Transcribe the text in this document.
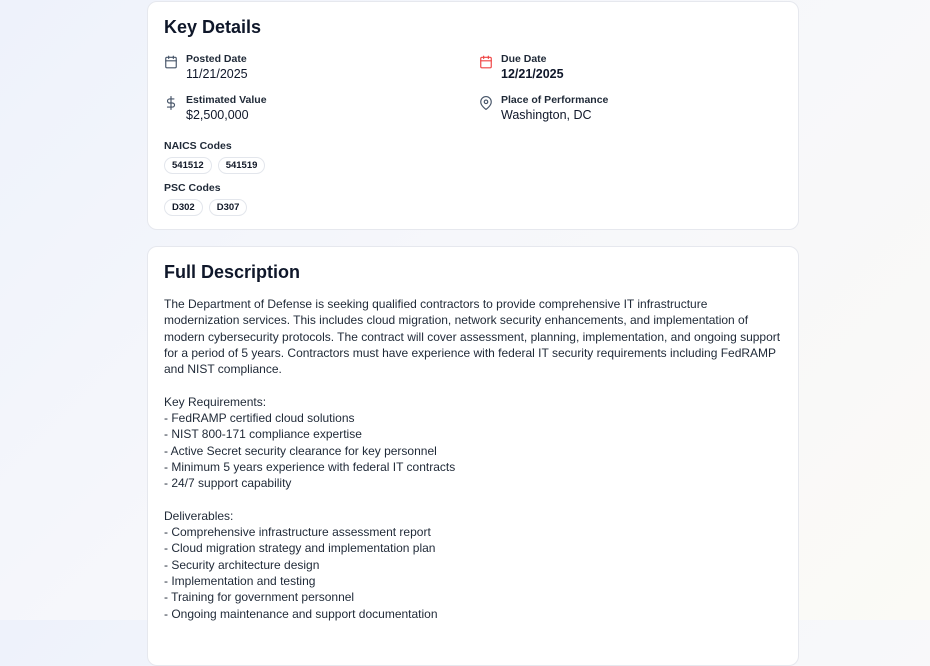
Key Details
Posted Date
11/21/2025
Due Date
12/21/2025
Estimated Value
$2,500,000
Place of Performance
Washington, DC
NAICS Codes
541512	541519
PSC Codes
D302	D307
Full Description

The Department of Defense is seeking qualified contractors to provide comprehensive IT infrastructure modernization services. This includes cloud migration, network security enhancements, and implementation of modern cybersecurity protocols. The contract will cover assessment, planning, implementation, and ongoing support for a period of 5 years. Contractors must have experience with federal IT security requirements including FedRAMP and NIST compliance.

Key Requirements:

- FedRAMP certified cloud solutions

- NIST 800-171 compliance expertise

- Active Secret security clearance for key personnel

- Minimum 5 years experience with federal IT contracts

- 24/7 support capability

Deliverables:

- Comprehensive infrastructure assessment report

- Cloud migration strategy and implementation plan

- Security architecture design

- Implementation and testing

- Training for government personnel

- Ongoing maintenance and support documentation
